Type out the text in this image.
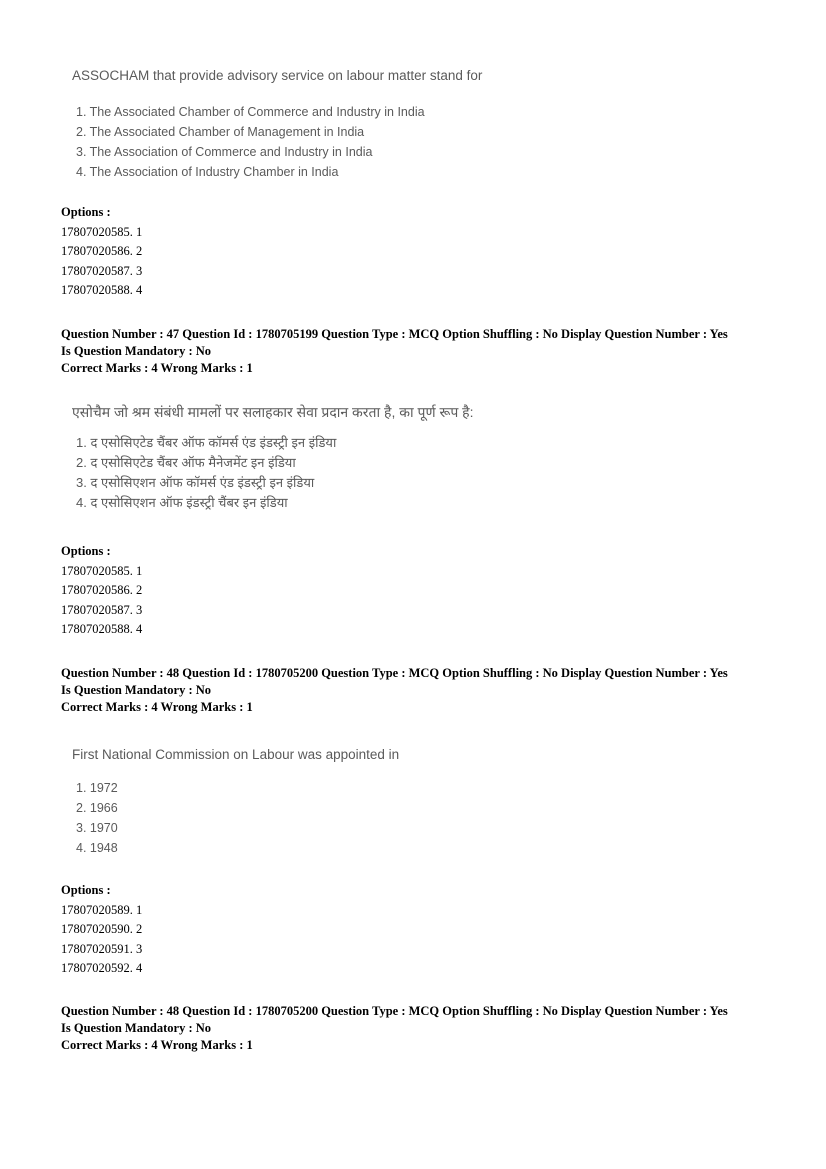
ASSOCHAM that provide advisory service on labour matter stand for
1. The Associated Chamber of Commerce and Industry in India
2. The Associated Chamber of Management in India
3. The Association of Commerce and Industry in India
4. The Association of Industry Chamber in India
Options :
17807020585. 1
17807020586. 2
17807020587. 3
17807020588. 4
Question Number : 47 Question Id : 1780705199 Question Type : MCQ Option Shuffling : No Display Question Number : Yes
Is Question Mandatory : No
Correct Marks : 4 Wrong Marks : 1
एसोचैम जो श्रम संबंधी मामलों पर सलाहकार सेवा प्रदान करता है, का पूर्ण रूप है:
1. द एसोसिएटेड चैंबर ऑफ कॉमर्स एंड इंडस्ट्री इन इंडिया
2. द एसोसिएटेड चैंबर ऑफ मैनेजमेंट इन इंडिया
3. द एसोसिएशन ऑफ कॉमर्स एंड इंडस्ट्री इन इंडिया
4. द एसोसिएशन ऑफ इंडस्ट्री चैंबर इन इंडिया
Options :
17807020585. 1
17807020586. 2
17807020587. 3
17807020588. 4
Question Number : 48 Question Id : 1780705200 Question Type : MCQ Option Shuffling : No Display Question Number : Yes
Is Question Mandatory : No
Correct Marks : 4 Wrong Marks : 1
First National Commission on Labour was appointed in
1. 1972
2. 1966
3. 1970
4. 1948
Options :
17807020589. 1
17807020590. 2
17807020591. 3
17807020592. 4
Question Number : 48 Question Id : 1780705200 Question Type : MCQ Option Shuffling : No Display Question Number : Yes
Is Question Mandatory : No
Correct Marks : 4 Wrong Marks : 1
